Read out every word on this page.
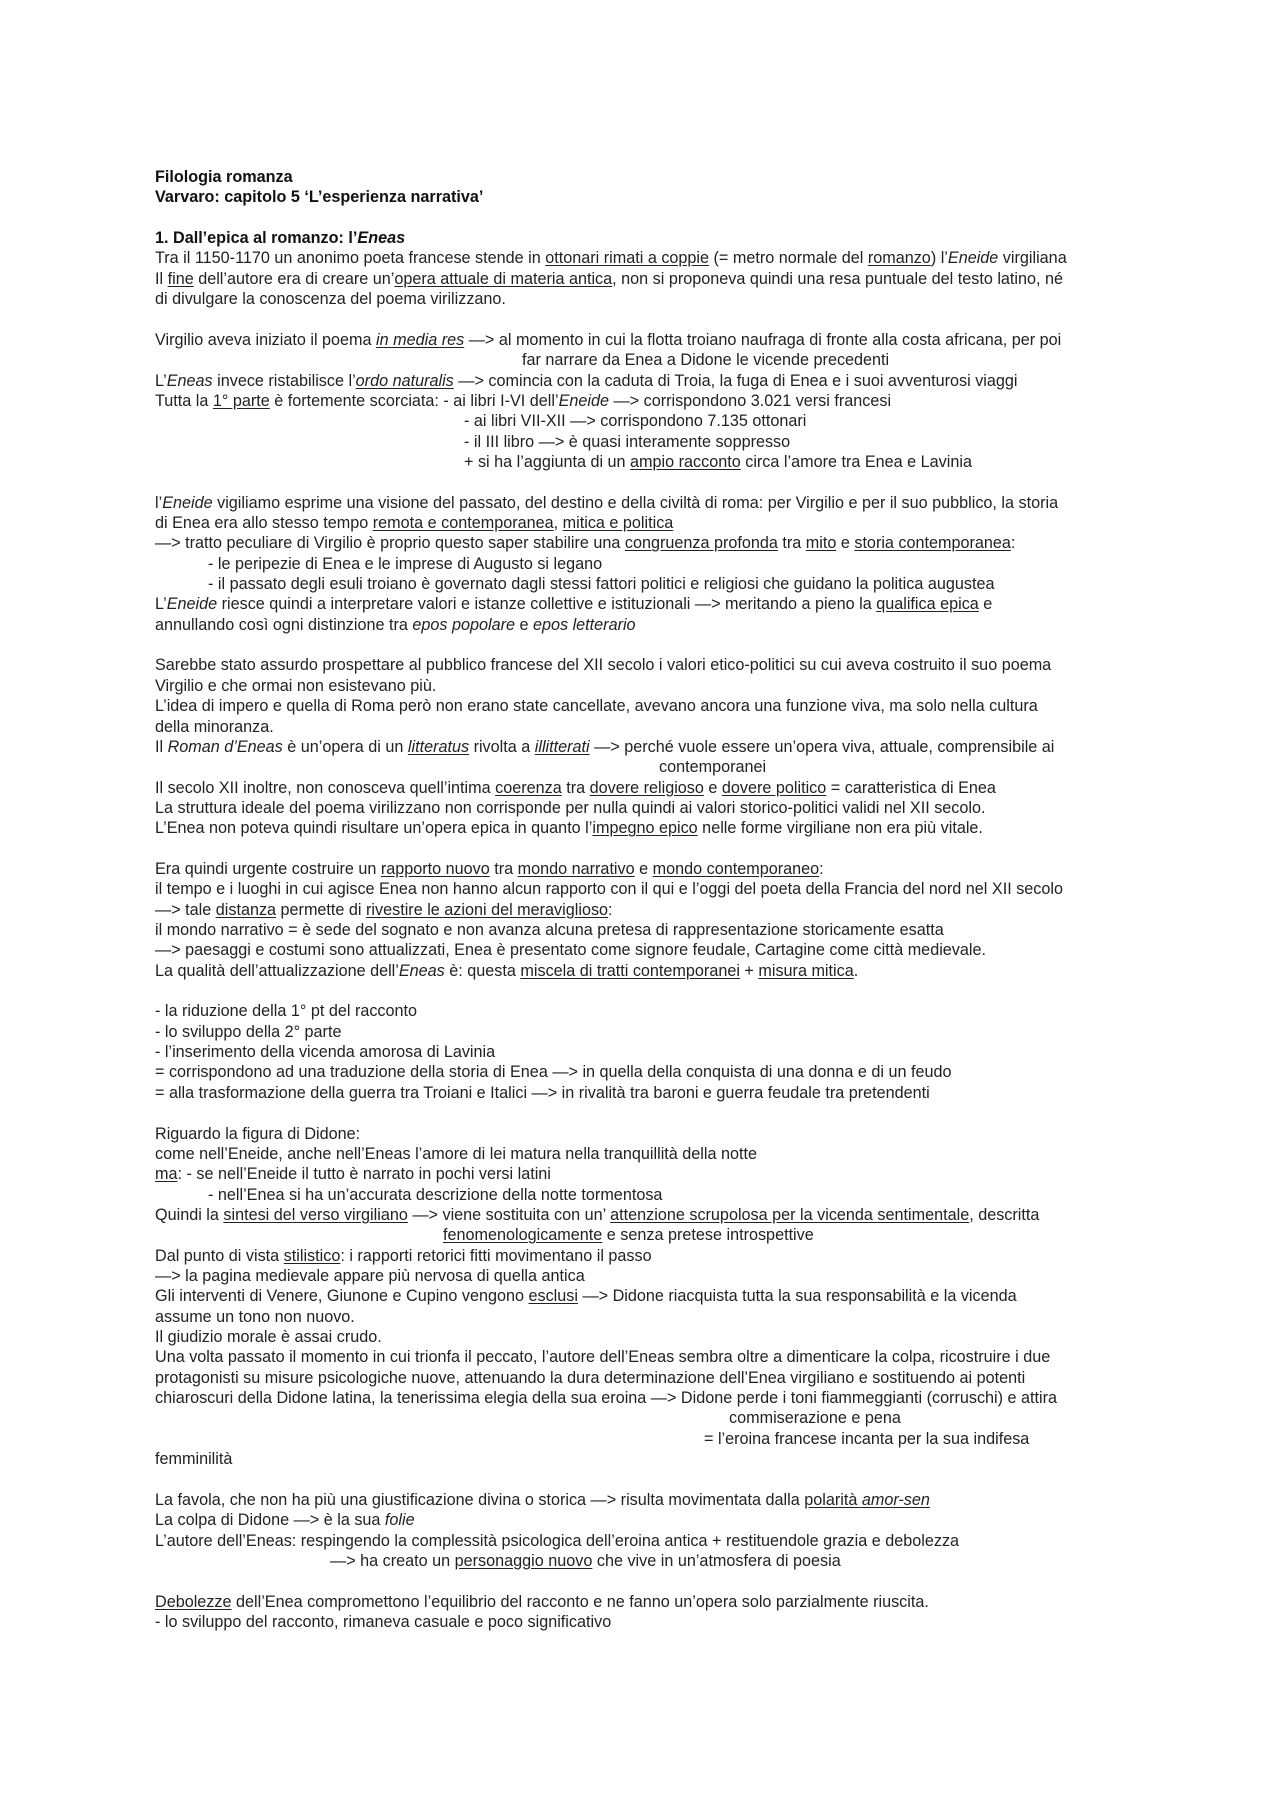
Filologia romanza
Varvaro: capitolo 5 ‘L’esperienza narrativa’
1. Dall’epica al romanzo: l’Eneas
Tra il 1150-1170 un anonimo poeta francese stende in ottonari rimati a coppie (= metro normale del romanzo) l’Eneide virgiliana
Il fine dell’autore era di creare un’opera attuale di materia antica, non si proponeva quindi una resa puntuale del testo latino, né
di divulgare la conoscenza del poema virilizzano.
Virgilio aveva iniziato il poema in media res —> al momento in cui la flotta troiano naufraga di fronte alla costa africana, per poi
far narrare da Enea a Didone le vicende precedenti
L’Eneas invece ristabilisce l’ordo naturalis —> comincia con la caduta di Troia, la fuga di Enea e i suoi avventurosi viaggi
Tutta la 1° parte è fortemente scorciata: - ai libri I-VI dell’Eneide —> corrispondono 3.021 versi francesi
- ai libri VII-XII —> corrispondono 7.135 ottonari
- il III libro —> è quasi interamente soppresso
+ si ha l’aggiunta di un ampio racconto circa l’amore tra Enea e Lavinia
l’Eneide vigiliamo esprime una visione del passato, del destino e della civiltà di roma: per Virgilio e per il suo pubblico, la storia
di Enea era allo stesso tempo remota e contemporanea, mitica e politica
—> tratto peculiare di Virgilio è proprio questo saper stabilire una congruenza profonda tra mito e storia contemporanea:
- le peripezie di Enea e le imprese di Augusto si legano
- il passato degli esuli troiano è governato dagli stessi fattori politici e religiosi che guidano la politica augustea
L’Eneide riesce quindi a interpretare valori e istanze collettive e istituzionali —> meritando a pieno la qualifica epica e
annullando così ogni distinzione tra epos popolare e epos letterario
Sarebbe stato assurdo prospettare al pubblico francese del XII secolo i valori etico-politici su cui aveva costruito il suo poema
Virgilio e che ormai non esistevano più.
L’idea di impero e quella di Roma però non erano state cancellate, avevano ancora una funzione viva, ma solo nella cultura
della minoranza.
Il Roman d’Eneas è un’opera di un litteratus rivolta a illitterati —> perché vuole essere un’opera viva, attuale, comprensibile ai
contemporanei
Il secolo XII inoltre, non conosceva quell’intima coerenza tra dovere religioso e dovere politico = caratteristica di Enea
La struttura ideale del poema virilizzano non corrisponde per nulla quindi ai valori storico-politici validi nel XII secolo.
L’Enea non poteva quindi risultare un’opera epica in quanto l’impegno epico nelle forme virgiliane non era più vitale.
Era quindi urgente costruire un rapporto nuovo tra mondo narrativo e mondo contemporaneo:
il tempo e i luoghi in cui agisce Enea non hanno alcun rapporto con il qui e l’oggi del poeta della Francia del nord nel XII secolo
—> tale distanza permette di rivestire le azioni del meraviglioso:
il mondo narrativo = è sede del sognato e non avanza alcuna pretesa di rappresentazione storicamente esatta
—> paesaggi e costumi sono attualizzati, Enea è presentato come signore feudale, Cartagine come città medievale.
La qualità dell’attualizzazione dell’Eneas è: questa miscela di tratti contemporanei + misura mitica.
- la riduzione della 1° pt del racconto
- lo sviluppo della 2° parte
- l’inserimento della vicenda amorosa di Lavinia
= corrispondono ad una traduzione della storia di Enea —> in quella della conquista di una donna e di un feudo
= alla trasformazione della guerra tra Troiani e Italici —> in rivalità tra baroni e guerra feudale tra pretendenti
Riguardo la figura di Didone:
come nell’Eneide, anche nell’Eneas l’amore di lei matura nella tranquillità della notte
ma: - se nell’Eneide il tutto è narrato in pochi versi latini
- nell’Enea si ha un’accurata descrizione della notte tormentosa
Quindi la sintesi del verso virgiliano —> viene sostituita con un’ attenzione scrupolosa per la vicenda sentimentale, descritta
fenomenologicamente e senza pretese introspettive
Dal punto di vista stilistico: i rapporti retorici fitti movimentano il passo
—> la pagina medievale appare più nervosa di quella antica
Gli interventi di Venere, Giunone e Cupino vengono esclusi —> Didone riacquista tutta la sua responsabilità e la vicenda
assume un tono non nuovo.
Il giudizio morale è assai crudo.
Una volta passato il momento in cui trionfa il peccato, l’autore dell’Eneas sembra oltre a dimenticare la colpa, ricostruire i due
protagonisti su misure psicologiche nuove, attenuando la dura determinazione dell’Enea virgiliano e sostituendo ai potenti
chiaroscuri della Didone latina, la tenerissima elegia della sua eroina —> Didone perde i toni fiammeggianti (corruschi) e attira
commiserazione e pena
= l’eroina francese incanta per la sua indifesa
femminilità
La favola, che non ha più una giustificazione divina o storica —> risulta movimentata dalla polarità amor-sen
La colpa di Didone —> è la sua folie
L’autore dell’Eneas: respingendo la complessità psicologica dell’eroina antica + restituendole grazia e debolezza
—> ha creato un personaggio nuovo che vive in un’atmosfera di poesia
Debolezze dell’Enea compromettono l’equilibrio del racconto e ne fanno un’opera solo parzialmente riuscita.
- lo sviluppo del racconto, rimaneva casuale e poco significativo
